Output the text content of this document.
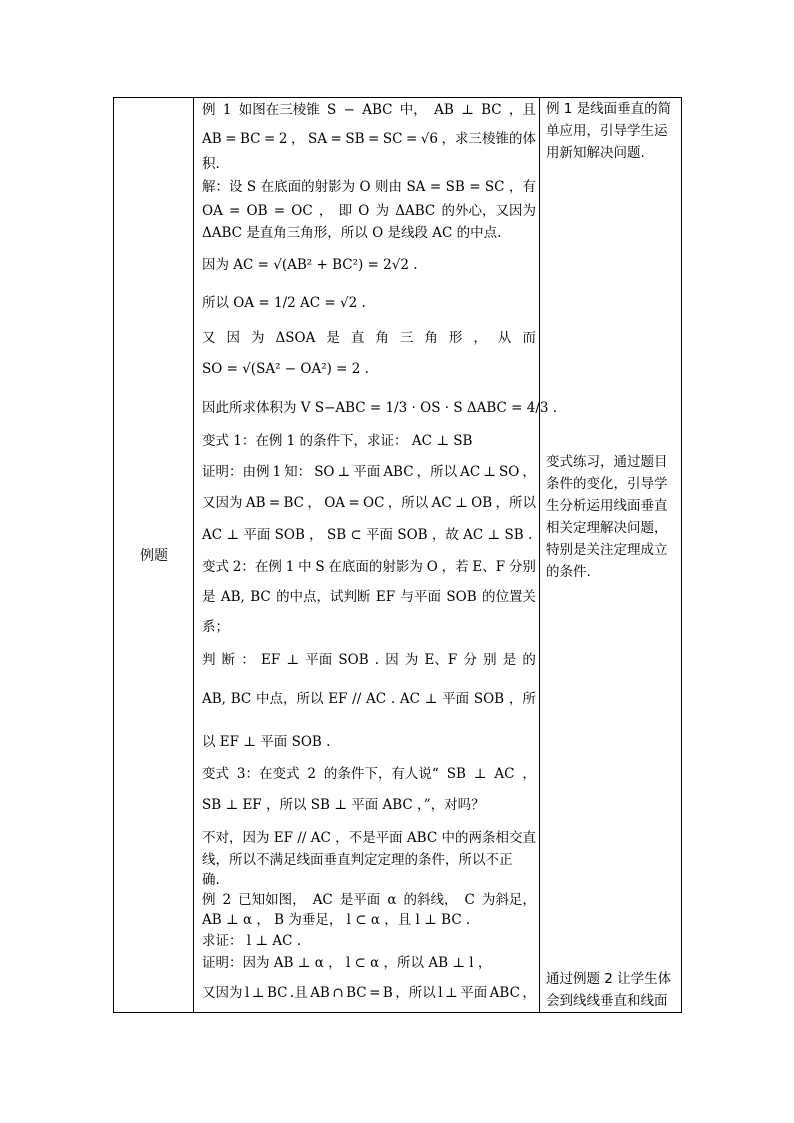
例题
例 1 如图在三棱锥 S − ABC 中， AB ⊥ BC ，且
AB = BC = 2 ， SA = SB = SC = √6 ，求三棱锥的体
积.
解：设 S 在底面的射影为 O 则由 SA = SB = SC ，有
OA = OB = OC ， 即 O 为 ΔABC 的外心，又因为
ΔABC 是直角三角形，所以 O 是线段 AC 的中点.
因为 AC = √(AB² + BC²) = 2√2 .
所以 OA = 1/2 AC = √2 .
又 因 为 ΔSOA 是 直 角 三 角 形 ， 从 而
SO = √(SA² − OA²) = 2 .
因此所求体积为 V S−ABC = 1/3 · OS · S ΔABC = 4/3 .
变式 1：在例 1 的条件下，求证： AC ⊥ SB
证明：由例 1 知： SO ⊥ 平面 ABC ，所以 AC ⊥ SO ，
又因为 AB = BC ， OA = OC ，所以 AC ⊥ OB ，所以
AC ⊥ 平面 SOB ， SB ⊂ 平面 SOB ，故 AC ⊥ SB .
变式 2：在例 1 中 S 在底面的射影为 O ，若 E、F 分别
是 AB, BC 的中点，试判断 EF 与平面 SOB 的位置关
系；
判 断 ： EF ⊥ 平面 SOB . 因 为 E、F 分 别 是 的
AB, BC 中点，所以 EF // AC . AC ⊥ 平面 SOB ，所
以 EF ⊥ 平面 SOB .
变式 3：在变式 2 的条件下，有人说“ SB ⊥ AC ，
SB ⊥ EF ，所以 SB ⊥ 平面 ABC ，”，对吗？
不对，因为 EF // AC ，不是平面 ABC 中的两条相交直
线，所以不满足线面垂直判定定理的条件，所以不正
确.
例 2 已知如图， AC 是平面 α 的斜线， C 为斜足，
AB ⊥ α ， B 为垂足， l ⊂ α ，且 l ⊥ BC .
求证： l ⊥ AC .
证明：因为 AB ⊥ α ， l ⊂ α ，所以 AB ⊥ l ，
又因为 l ⊥ BC .且 AB ∩ BC = B ，所以 l ⊥ 平面 ABC ，
例 1 是线面垂直的简
单应用，引导学生运
用新知解决问题.
变式练习，通过题目
条件的变化，引导学
生分析运用线面垂直
相关定理解决问题，
特别是关注定理成立
的条件.
通过例题 2 让学生体
会到线线垂直和线面
